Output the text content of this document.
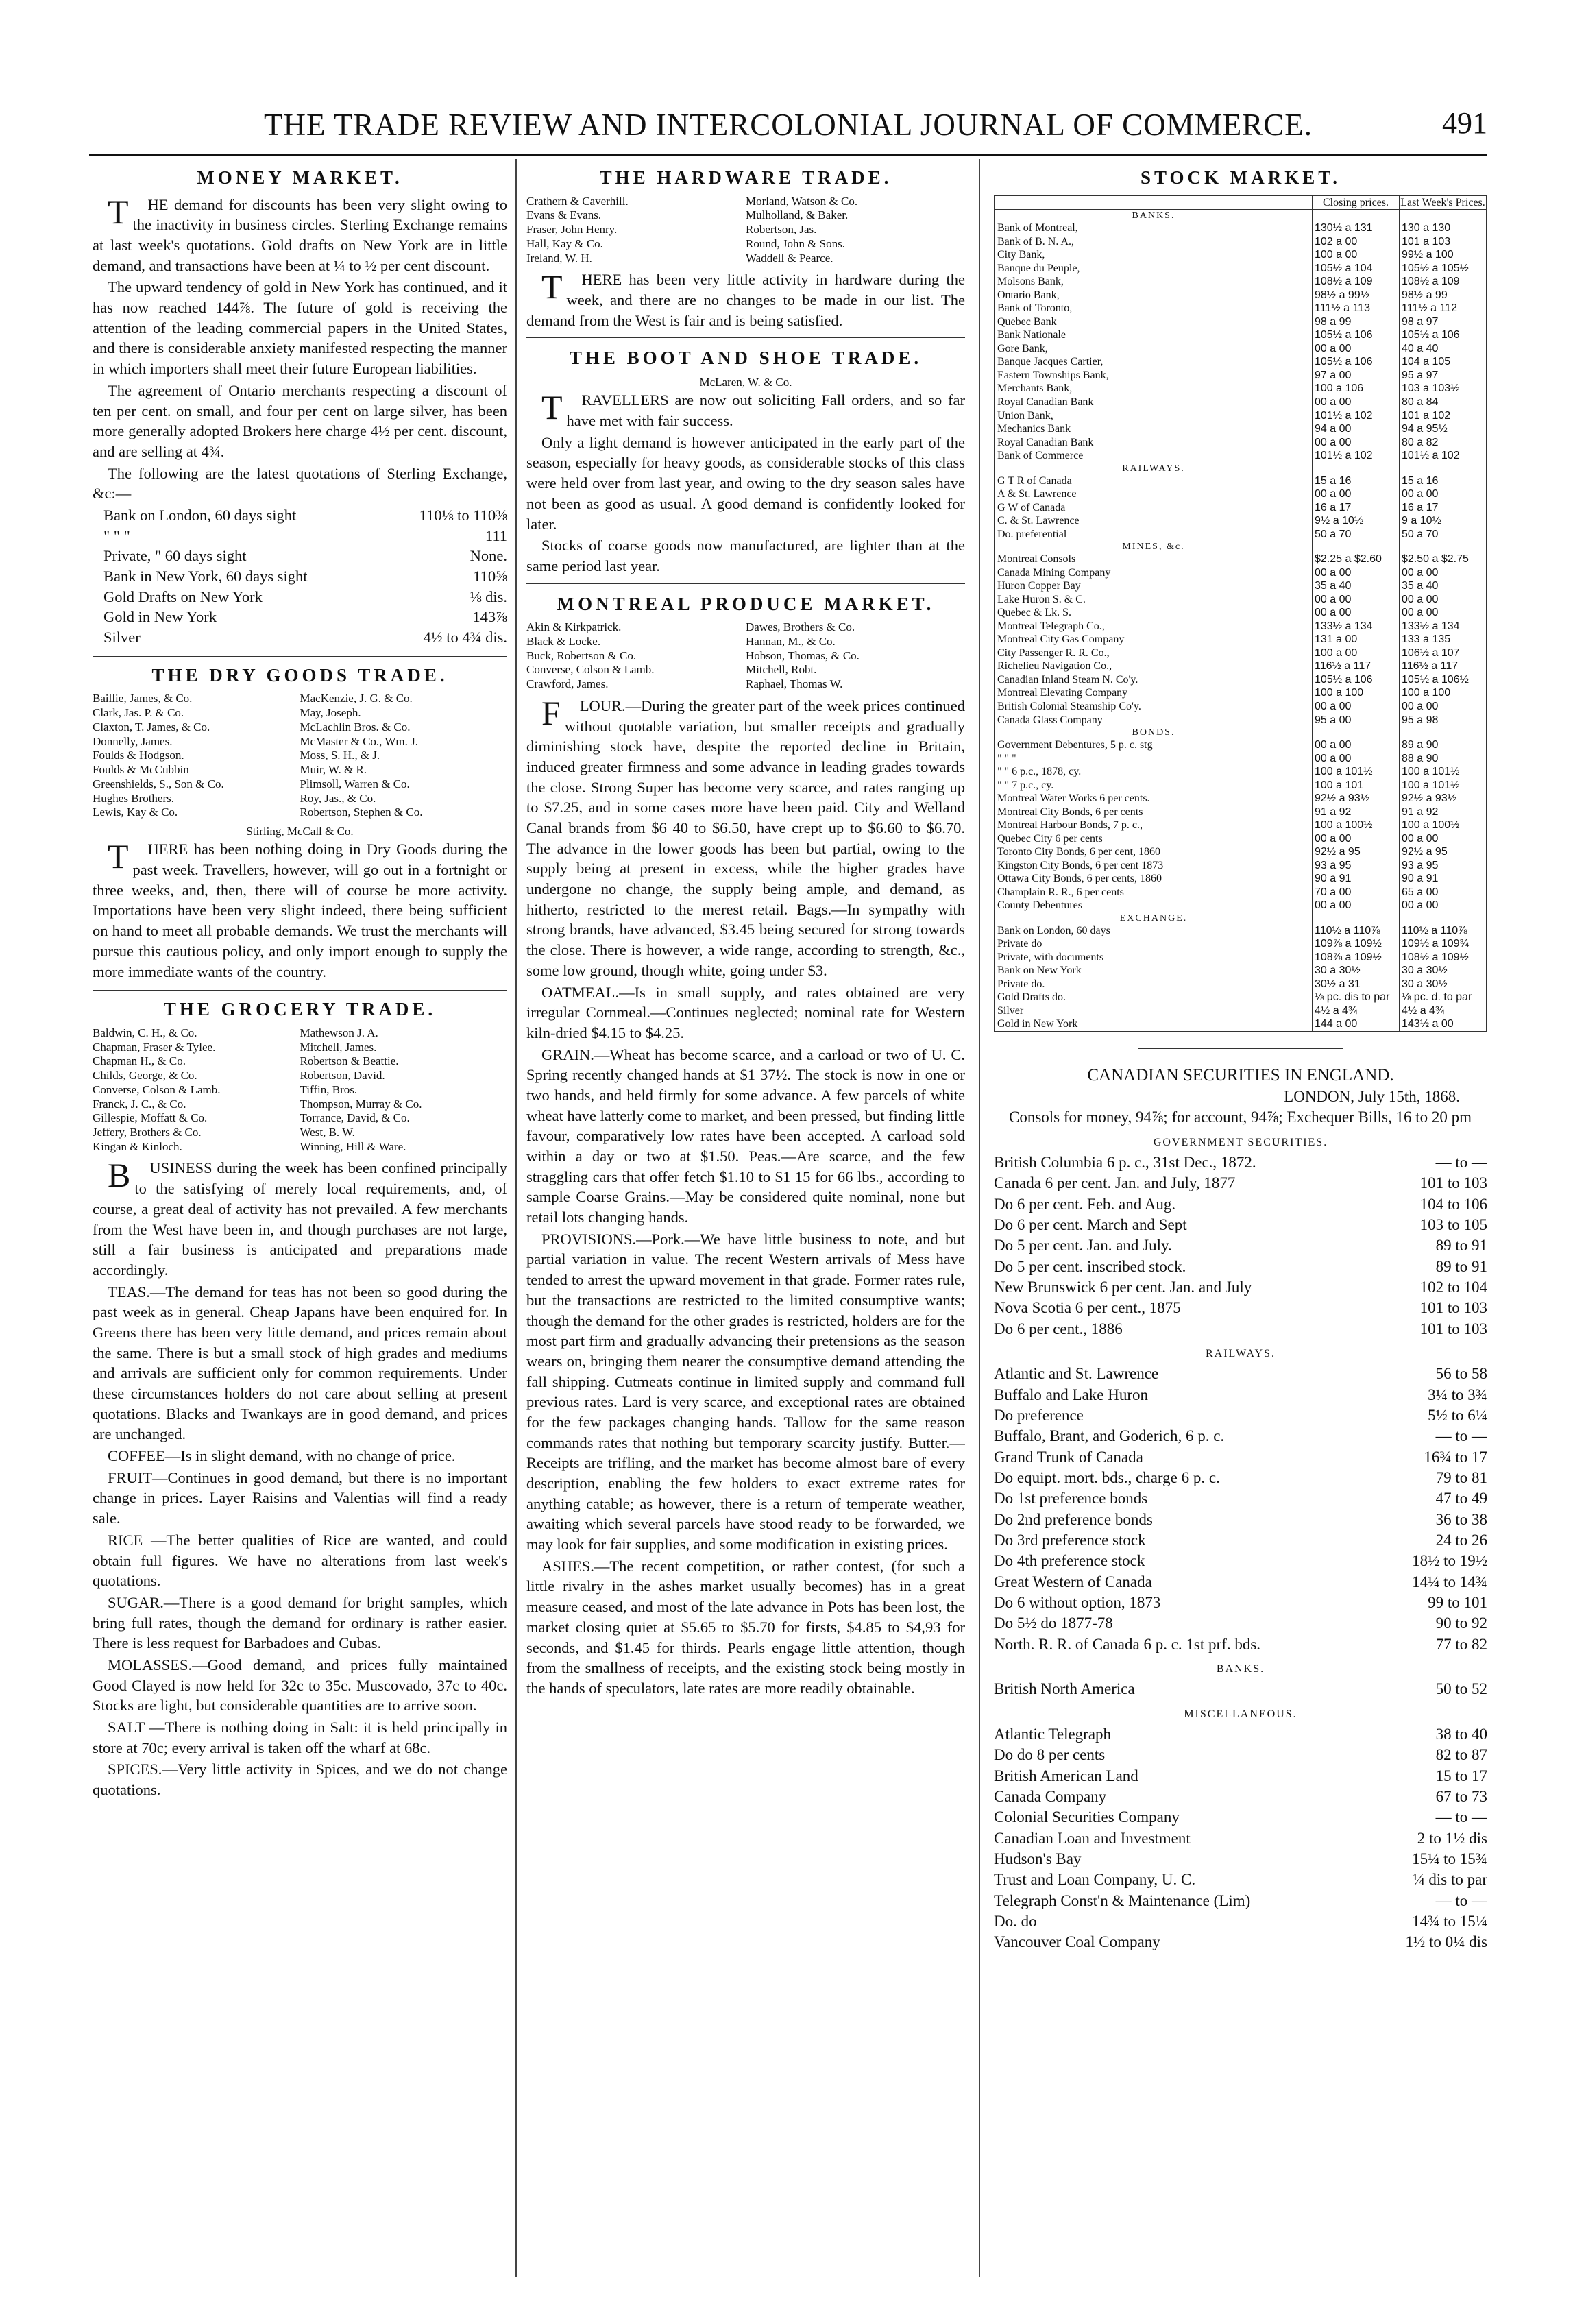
THE TRADE REVIEW AND INTERCOLONIAL JOURNAL OF COMMERCE.	491
MONEY MARKET.

THE demand for discounts has been very slight owing to the inactivity in business circles. Sterling Exchange remains at last week's quotations. Gold drafts on New York are in little demand, and transactions have been at ¼ to ½ per cent discount.

The upward tendency of gold in New York has continued, and it has now reached 144⅞. The future of gold is receiving the attention of the leading commercial papers in the United States, and there is considerable anxiety manifested respecting the manner in which importers shall meet their future European liabilities.

The agreement of Ontario merchants respecting a discount of ten per cent. on small, and four per cent on large silver, has been more generally adopted Brokers here charge 4½ per cent. discount, and are selling at 4¾.

The following are the latest quotations of Sterling Exchange, &c:—

Bank on London, 60 days sight	110⅛ to 110⅜
" " "	111
Private, " 60 days sight	None.
Bank in New York, 60 days sight	110⅝
Gold Drafts on New York	⅛ dis.
Gold in New York	143⅞
Silver	4½ to 4¾ dis.
THE DRY GOODS TRADE.
Baillie, James, & Co.	MacKenzie, J. G. & Co.
Clark, Jas. P. & Co.	May, Joseph.
Claxton, T. James, & Co.	McLachlin Bros. & Co.
Donnelly, James.	McMaster & Co., Wm. J.
Foulds & Hodgson.	Moss, S. H., & J.
Foulds & McCubbin	Muir, W. & R.
Greenshields, S., Son & Co.	Plimsoll, Warren & Co.
Hughes Brothers.	Roy, Jas., & Co.
Lewis, Kay & Co.	Robertson, Stephen & Co.
Stirling, McCall & Co.

THERE has been nothing doing in Dry Goods during the past week. Travellers, however, will go out in a fortnight or three weeks, and, then, there will of course be more activity. Importations have been very slight indeed, there being sufficient on hand to meet all probable demands. We trust the merchants will pursue this cautious policy, and only import enough to supply the more immediate wants of the country.

THE GROCERY TRADE.
Baldwin, C. H., & Co.	Mathewson J. A.
Chapman, Fraser & Tylee.	Mitchell, James.
Chapman H., & Co.	Robertson & Beattie.
Childs, George, & Co.	Robertson, David.
Converse, Colson & Lamb.	Tiffin, Bros.
Franck, J. C., & Co.	Thompson, Murray & Co.
Gillespie, Moffatt & Co.	Torrance, David, & Co.
Jeffery, Brothers & Co.	West, B. W.
Kingan & Kinloch.	Winning, Hill & Ware.

BUSINESS during the week has been confined principally to the satisfying of merely local requirements, and, of course, a great deal of activity has not prevailed. A few merchants from the West have been in, and though purchases are not large, still a fair business is anticipated and preparations made accordingly.

TEAS.—The demand for teas has not been so good during the past week as in general. Cheap Japans have been enquired for. In Greens there has been very little demand, and prices remain about the same. There is but a small stock of high grades and mediums and arrivals are sufficient only for common requirements. Under these circumstances holders do not care about selling at present quotations. Blacks and Twankays are in good demand, and prices are unchanged.

COFFEE—Is in slight demand, with no change of price.

FRUIT—Continues in good demand, but there is no important change in prices. Layer Raisins and Valentias will find a ready sale.

RICE —The better qualities of Rice are wanted, and could obtain full figures. We have no alterations from last week's quotations.

SUGAR.—There is a good demand for bright samples, which bring full rates, though the demand for ordinary is rather easier. There is less request for Barbadoes and Cubas.

MOLASSES.—Good demand, and prices fully maintained Good Clayed is now held for 32c to 35c. Muscovado, 37c to 40c. Stocks are light, but considerable quantities are to arrive soon.

SALT —There is nothing doing in Salt: it is held principally in store at 70c; every arrival is taken off the wharf at 68c.

SPICES.—Very little activity in Spices, and we do not change quotations.

THE HARDWARE TRADE.
Crathern & Caverhill.	Morland, Watson & Co.
Evans & Evans.	Mulholland, & Baker.
Fraser, John Henry.	Robertson, Jas.
Hall, Kay & Co.	Round, John & Sons.
Ireland, W. H.	Waddell & Pearce.

THERE has been very little activity in hardware during the week, and there are no changes to be made in our list. The demand from the West is fair and is being satisfied.

THE BOOT AND SHOE TRADE.
McLaren, W. & Co.

TRAVELLERS are now out soliciting Fall orders, and so far have met with fair success.

Only a light demand is however anticipated in the early part of the season, especially for heavy goods, as considerable stocks of this class were held over from last year, and owing to the dry season sales have not been as good as usual. A good demand is confidently looked for later.

Stocks of coarse goods now manufactured, are lighter than at the same period last year.

MONTREAL PRODUCE MARKET.
Akin & Kirkpatrick.	Dawes, Brothers & Co.
Black & Locke.	Hannan, M., & Co.
Buck, Robertson & Co.	Hobson, Thomas, & Co.
Converse, Colson & Lamb.	Mitchell, Robt.
Crawford, James.	Raphael, Thomas W.

FLOUR.—During the greater part of the week prices continued without quotable variation, but smaller receipts and gradually diminishing stock have, despite the reported decline in Britain, induced greater firmness and some advance in leading grades towards the close. Strong Super has become very scarce, and rates ranging up to $7.25, and in some cases more have been paid. City and Welland Canal brands from $6 40 to $6.50, have crept up to $6.60 to $6.70. The advance in the lower goods has been but partial, owing to the supply being at present in excess, while the higher grades have undergone no change, the supply being ample, and demand, as hitherto, restricted to the merest retail. Bags.—In sympathy with strong brands, have advanced, $3.45 being secured for strong towards the close. There is however, a wide range, according to strength, &c., some low ground, though white, going under $3.

OATMEAL.—Is in small supply, and rates obtained are very irregular Cornmeal.—Continues neglected; nominal rate for Western kiln-dried $4.15 to $4.25.

GRAIN.—Wheat has become scarce, and a carload or two of U. C. Spring recently changed hands at $1 37½. The stock is now in one or two hands, and held firmly for some advance. A few parcels of white wheat have latterly come to market, and been pressed, but finding little favour, comparatively low rates have been accepted. A carload sold within a day or two at $1.50. Peas.—Are scarce, and the few straggling cars that offer fetch $1.10 to $1 15 for 66 lbs., according to sample Coarse Grains.—May be considered quite nominal, none but retail lots changing hands.

PROVISIONS.—Pork.—We have little business to note, and but partial variation in value. The recent Western arrivals of Mess have tended to arrest the upward movement in that grade. Former rates rule, but the transactions are restricted to the limited consumptive wants; though the demand for the other grades is restricted, holders are for the most part firm and gradually advancing their pretensions as the season wears on, bringing them nearer the consumptive demand attending the fall shipping. Cutmeats continue in limited supply and command full previous rates. Lard is very scarce, and exceptional rates are obtained for the few packages changing hands. Tallow for the same reason commands rates that nothing but temporary scarcity justify. Butter.—Receipts are trifling, and the market has become almost bare of every description, enabling the few holders to exact extreme rates for anything catable; as however, there is a return of temperate weather, awaiting which several parcels have stood ready to be forwarded, we may look for fair supplies, and some modification in existing prices.

ASHES.—The recent competition, or rather contest, (for such a little rivalry in the ashes market usually becomes) has in a great measure ceased, and most of the late advance in Pots has been lost, the market closing quiet at $5.65 to $5.70 for firsts, $4.85 to $4,93 for seconds, and $1.45 for thirds. Pearls engage little attention, though from the smallness of receipts, and the existing stock being mostly in the hands of speculators, late rates are more readily obtainable.

STOCK MARKET.
	Closing prices.	Last Week's Prices.
BANKS.		
Bank of Montreal,	130½ a 131	130 a 130
Bank of B. N. A.,	102 a 00	101 a 103
City Bank,	100 a 00	99½ a 100
Banque du Peuple,	105½ a 104	105½ a 105½
Molsons Bank,	108½ a 109	108½ a 109
Ontario Bank,	98½ a 99½	98½ a 99
Bank of Toronto,	111½ a 113	111½ a 112
Quebec Bank	98 a 99	98 a 97
Bank Nationale	105½ a 106	105½ a 106
Gore Bank,	00 a 00	40 a 40
Banque Jacques Cartier,	105½ a 106	104 a 105
Eastern Townships Bank,	97 a 00	95 a 97
Merchants Bank,	100 a 106	103 a 103½
Royal Canadian Bank	00 a 00	80 a 84
Union Bank,	101½ a 102	101 a 102
Mechanics Bank	94 a 00	94 a 95½
Royal Canadian Bank	00 a 00	80 a 82
Bank of Commerce	101½ a 102	101½ a 102
RAILWAYS.		
G T R of Canada	15 a 16	15 a 16
A & St. Lawrence	00 a 00	00 a 00
G W of Canada	16 a 17	16 a 17
C. & St. Lawrence	9½ a 10½	9 a 10½
Do. preferential	50 a 70	50 a 70
MINES, &c.		
Montreal Consols	$2.25 a $2.60	$2.50 a $2.75
Canada Mining Company	00 a 00	00 a 00
Huron Copper Bay	35 a 40	35 a 40
Lake Huron S. & C.	00 a 00	00 a 00
Quebec & Lk. S.	00 a 00	00 a 00
Montreal Telegraph Co.,	133½ a 134	133½ a 134
Montreal City Gas Company	131 a 00	133 a 135
City Passenger R. R. Co.,	100 a 00	106½ a 107
Richelieu Navigation Co.,	116½ a 117	116½ a 117
Canadian Inland Steam N. Co'y.	105½ a 106	105½ a 106½
Montreal Elevating Company	100 a 100	100 a 100
British Colonial Steamship Co'y.	00 a 00	00 a 00
Canada Glass Company	95 a 00	95 a 98
BONDS.		
Government Debentures, 5 p. c. stg	00 a 00	89 a 90
" " "	00 a 00	88 a 90
" " 6 p.c., 1878, cy.	100 a 101½	100 a 101½
" " 7 p.c., cy.	100 a 101	100 a 101½
Montreal Water Works 6 per cents.	92½ a 93½	92½ a 93½
Montreal City Bonds, 6 per cents	91 a 92	91 a 92
Montreal Harbour Bonds, 7 p. c.,	100 a 100½	100 a 100½
Quebec City 6 per cents	00 a 00	00 a 00
Toronto City Bonds, 6 per cent, 1860	92½ a 95	92½ a 95
Kingston City Bonds, 6 per cent 1873	93 a 95	93 a 95
Ottawa City Bonds, 6 per cents, 1860	90 a 91	90 a 91
Champlain R. R., 6 per cents	70 a 00	65 a 00
County Debentures	00 a 00	00 a 00
EXCHANGE.		
Bank on London, 60 days	110½ a 110⅞	110½ a 110⅞
Private do	109⅞ a 109½	109½ a 109¾
Private, with documents	108⅞ a 109½	108½ a 109½
Bank on New York	30 a 30½	30 a 30½
Private do.	30½ a 31	30 a 30½
Gold Drafts do.	⅛ pc. dis to par	⅛ pc. d. to par
Silver	4½ a 4¾	4½ a 4¾
Gold in New York	144 a 00	143½ a 00
CANADIAN SECURITIES IN ENGLAND.
LONDON, July 15th, 1868.

Consols for money, 94⅞; for account, 94⅞; Exchequer Bills, 16 to 20 pm

GOVERNMENT SECURITIES.
British Columbia 6 p. c., 31st Dec., 1872.	— to —
Canada 6 per cent. Jan. and July, 1877	101 to 103
Do 6 per cent. Feb. and Aug.	104 to 106
Do 6 per cent. March and Sept	103 to 105
Do 5 per cent. Jan. and July.	89 to 91
Do 5 per cent. inscribed stock.	89 to 91
New Brunswick 6 per cent. Jan. and July	102 to 104
Nova Scotia 6 per cent., 1875	101 to 103
Do 6 per cent., 1886	101 to 103
RAILWAYS.
Atlantic and St. Lawrence	56 to 58
Buffalo and Lake Huron	3¼ to 3¾
Do preference	5½ to 6¼
Buffalo, Brant, and Goderich, 6 p. c.	— to —
Grand Trunk of Canada	16¾ to 17
Do equipt. mort. bds., charge 6 p. c.	79 to 81
Do 1st preference bonds	47 to 49
Do 2nd preference bonds	36 to 38
Do 3rd preference stock	24 to 26
Do 4th preference stock	18½ to 19½
Great Western of Canada	14¼ to 14¾
Do 6 without option, 1873	99 to 101
Do 5½ do 1877-78	90 to 92
North. R. R. of Canada 6 p. c. 1st prf. bds.	77 to 82
BANKS.
British North America	50 to 52
MISCELLANEOUS.
Atlantic Telegraph	38 to 40
Do do 8 per cents	82 to 87
British American Land	15 to 17
Canada Company	67 to 73
Colonial Securities Company	— to —
Canadian Loan and Investment	2 to 1½ dis
Hudson's Bay	15¼ to 15¾
Trust and Loan Company, U. C.	¼ dis to par
Telegraph Const'n & Maintenance (Lim)	— to —
Do. do	14¾ to 15¼
Vancouver Coal Company	1½ to 0¼ dis
